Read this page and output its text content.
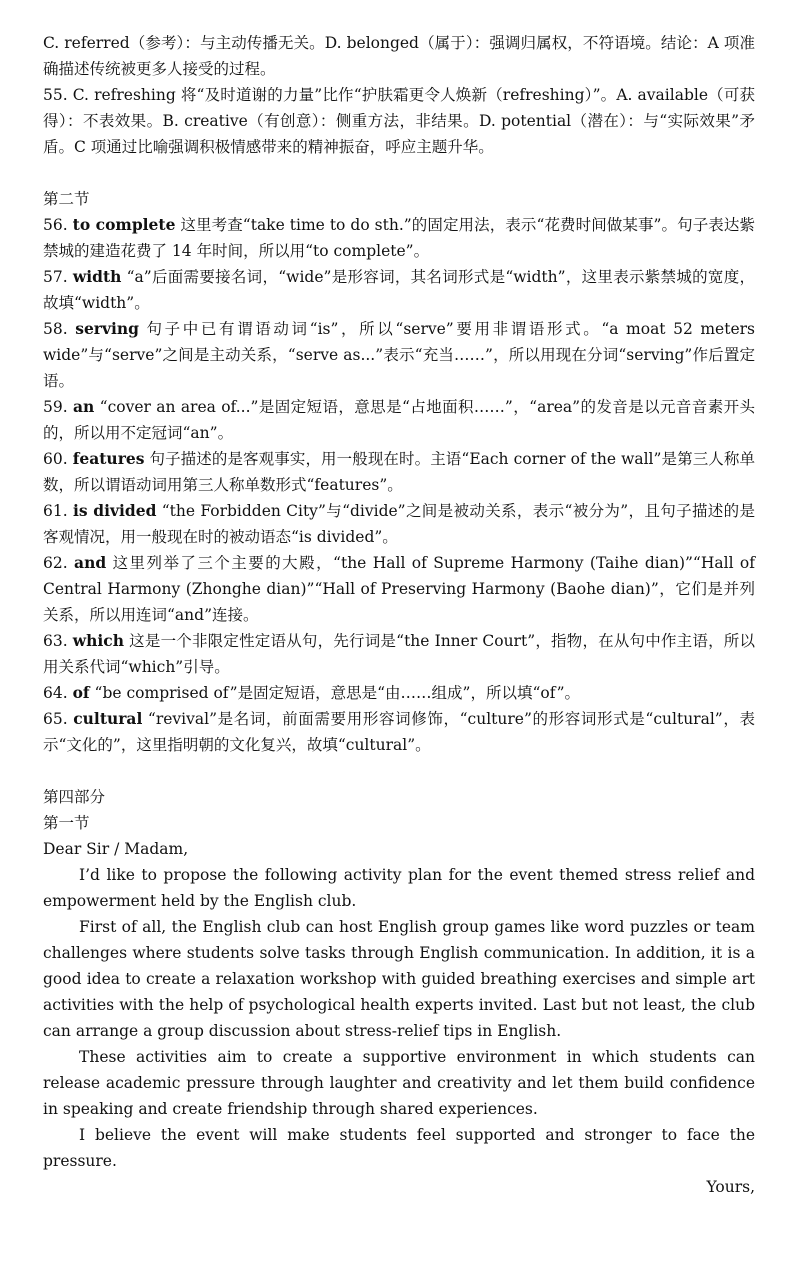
C. referred（参考）：与主动传播无关。D. belonged（属于）：强调归属权，不符语境。结论：A 项准确描述传统被更多人接受的过程。

55. C. refreshing 将“及时道谢的力量”比作“护肤霜更令人焕新（refreshing）”。A. available（可获得）：不表效果。B. creative（有创意）：侧重方法，非结果。D. potential（潜在）：与“实际效果”矛盾。C 项通过比喻强调积极情感带来的精神振奋，呼应主题升华。

第二节

56. to complete 这里考查“take time to do sth.”的固定用法，表示“花费时间做某事”。句子表达紫禁城的建造花费了 14 年时间，所以用“to complete”。

57. width “a”后面需要接名词，“wide”是形容词，其名词形式是“width”，这里表示紫禁城的宽度，故填“width”。

58. serving 句子中已有谓语动词“is”，所以“serve”要用非谓语形式。“a moat 52 meters wide”与“serve”之间是主动关系，“serve as...”表示“充当……”，所以用现在分词“serving”作后置定语。

59. an “cover an area of...”是固定短语，意思是“占地面积……”，“area”的发音是以元音音素开头的，所以用不定冠词“an”。

60. features 句子描述的是客观事实，用一般现在时。主语“Each corner of the wall”是第三人称单数，所以谓语动词用第三人称单数形式“features”。

61. is divided “the Forbidden City”与“divide”之间是被动关系，表示“被分为”，且句子描述的是客观情况，用一般现在时的被动语态“is divided”。

62. and 这里列举了三个主要的大殿，“the Hall of Supreme Harmony (Taihe dian)”“Hall of Central Harmony (Zhonghe dian)”“Hall of Preserving Harmony (Baohe dian)”，它们是并列关系，所以用连词“and”连接。

63. which 这是一个非限定性定语从句，先行词是“the Inner Court”，指物，在从句中作主语，所以用关系代词“which”引导。

64. of “be comprised of”是固定短语，意思是“由……组成”，所以填“of”。

65. cultural “revival”是名词，前面需要用形容词修饰，“culture”的形容词形式是“cultural”，表示“文化的”，这里指明朝的文化复兴，故填“cultural”。

第四部分

第一节

Dear Sir / Madam,

I’d like to propose the following activity plan for the event themed stress relief and empowerment held by the English club.

First of all, the English club can host English group games like word puzzles or team challenges where students solve tasks through English communication. In addition, it is a good idea to create a relaxation workshop with guided breathing exercises and simple art activities with the help of psychological health experts invited. Last but not least, the club can arrange a group discussion about stress-relief tips in English.

These activities aim to create a supportive environment in which students can release academic pressure through laughter and creativity and let them build confidence in speaking and create friendship through shared experiences.

I believe the event will make students feel supported and stronger to face the pressure.

Yours,
